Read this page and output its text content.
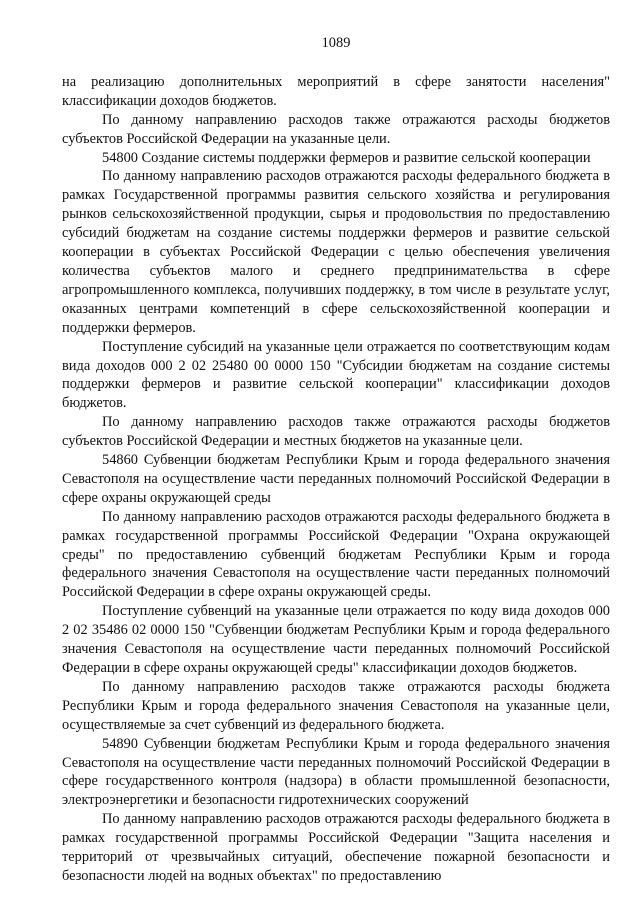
1089

на реализацию дополнительных мероприятий в сфере занятости населения" классификации доходов бюджетов.

По данному направлению расходов также отражаются расходы бюджетов субъектов Российской Федерации на указанные цели.

54800 Создание системы поддержки фермеров и развитие сельской кооперации

По данному направлению расходов отражаются расходы федерального бюджета в рамках Государственной программы развития сельского хозяйства и регулирования рынков сельскохозяйственной продукции, сырья и продовольствия по предоставлению субсидий бюджетам на создание системы поддержки фермеров и развитие сельской кооперации в субъектах Российской Федерации с целью обеспечения увеличения количества субъектов малого и среднего предпринимательства в сфере агропромышленного комплекса, получивших поддержку, в том числе в результате услуг, оказанных центрами компетенций в сфере сельскохозяйственной кооперации и поддержки фермеров.

Поступление субсидий на указанные цели отражается по соответствующим кодам вида доходов 000 2 02 25480 00 0000 150 "Субсидии бюджетам на создание системы поддержки фермеров и развитие сельской кооперации" классификации доходов бюджетов.

По данному направлению расходов также отражаются расходы бюджетов субъектов Российской Федерации и местных бюджетов на указанные цели.

54860 Субвенции бюджетам Республики Крым и города федерального значения Севастополя на осуществление части переданных полномочий Российской Федерации в сфере охраны окружающей среды

По данному направлению расходов отражаются расходы федерального бюджета в рамках государственной программы Российской Федерации "Охрана окружающей среды" по предоставлению субвенций бюджетам Республики Крым и города федерального значения Севастополя на осуществление части переданных полномочий Российской Федерации в сфере охраны окружающей среды.

Поступление субвенций на указанные цели отражается по коду вида доходов 000 2 02 35486 02 0000 150 "Субвенции бюджетам Республики Крым и города федерального значения Севастополя на осуществление части переданных полномочий Российской Федерации в сфере охраны окружающей среды" классификации доходов бюджетов.

По данному направлению расходов также отражаются расходы бюджета Республики Крым и города федерального значения Севастополя на указанные цели, осуществляемые за счет субвенций из федерального бюджета.

54890 Субвенции бюджетам Республики Крым и города федерального значения Севастополя на осуществление части переданных полномочий Российской Федерации в сфере государственного контроля (надзора) в области промышленной безопасности, электроэнергетики и безопасности гидротехнических сооружений

По данному направлению расходов отражаются расходы федерального бюджета в рамках государственной программы Российской Федерации "Защита населения и территорий от чрезвычайных ситуаций, обеспечение пожарной безопасности и безопасности людей на водных объектах" по предоставлению
